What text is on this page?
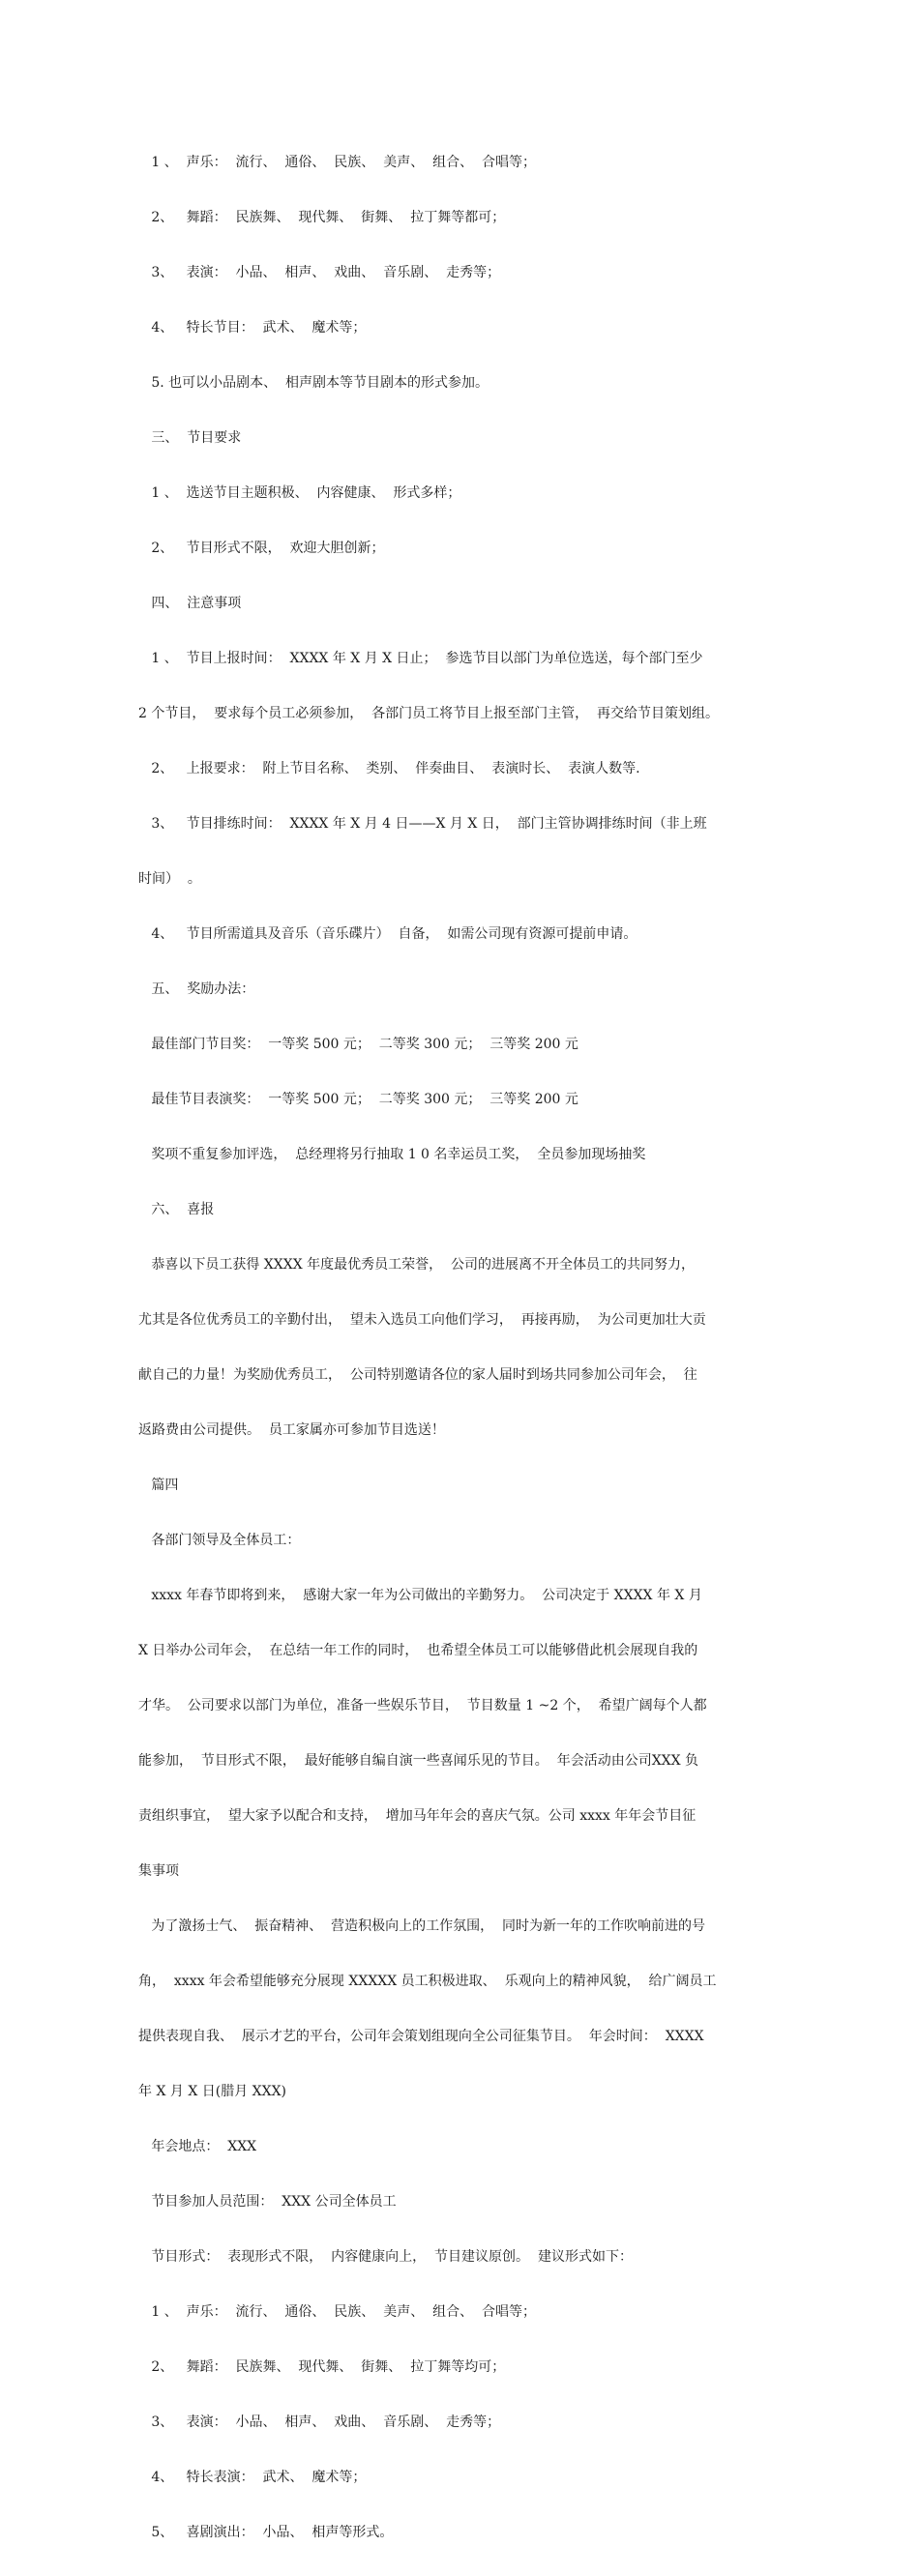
1 、  声乐：  流行、  通俗、  民族、  美声、  组合、  合唱等；

2、   舞蹈：  民族舞、  现代舞、  街舞、  拉丁舞等都可；

3、   表演：  小品、  相声、  戏曲、  音乐剧、  走秀等；

4、   特长节目：  武术、  魔术等；

5. 也可以小品剧本、  相声剧本等节目剧本的形式参加。

三、  节目要求

1 、  选送节目主题积极、  内容健康、  形式多样；

2、   节目形式不限，  欢迎大胆创新；

四、  注意事项

1 、  节目上报时间：  XXXX 年 X 月 X 日止；  参选节目以部门为单位选送，每个部门至少

2 个节目，  要求每个员工必须参加，  各部门员工将节目上报至部门主管，  再交给节目策划组。

2、   上报要求：  附上节目名称、  类别、  伴奏曲目、  表演时长、  表演人数等.

3、   节目排练时间：  XXXX 年 X 月 4 日——X 月 X 日，  部门主管协调排练时间（非上班

时间）  。

4、   节目所需道具及音乐（音乐碟片）  自备，  如需公司现有资源可提前申请。

五、  奖励办法：

最佳部门节目奖：  一等奖 500 元；  二等奖 300 元；  三等奖 200 元

最佳节目表演奖：  一等奖 500 元；  二等奖 300 元；  三等奖 200 元

奖项不重复参加评选，  总经理将另行抽取 1 0 名幸运员工奖，  全员参加现场抽奖

六、  喜报

恭喜以下员工获得 XXXX 年度最优秀员工荣誉，  公司的进展离不开全体员工的共同努力，

尤其是各位优秀员工的辛勤付出，  望未入选员工向他们学习，  再接再励，  为公司更加壮大贡

献自己的力量！为奖励优秀员工，  公司特别邀请各位的家人届时到场共同参加公司年会，  往

返路费由公司提供。  员工家属亦可参加节目选送！

篇四

各部门领导及全体员工：

xxxx 年春节即将到来，  感谢大家一年为公司做出的辛勤努力。  公司决定于 XXXX 年 X 月

X 日举办公司年会，  在总结一年工作的同时，  也希望全体员工可以能够借此机会展现自我的

才华。  公司要求以部门为单位，准备一些娱乐节目，  节目数量 1 ~2 个，  希望广阔每个人都

能参加，  节目形式不限，  最好能够自编自演一些喜闻乐见的节目。  年会活动由公司XXX 负

责组织事宜，  望大家予以配合和支持，  增加马年年会的喜庆气氛。公司 xxxx 年年会节目征

集事项

为了激扬士气、  振奋精神、  营造积极向上的工作氛围，  同时为新一年的工作吹响前进的号

角，  xxxx 年会希望能够充分展现 XXXXX 员工积极进取、  乐观向上的精神风貌，  给广阔员工

提供表现自我、  展示才艺的平台，公司年会策划组现向全公司征集节目。  年会时间：  XXXX

年 X 月 X 日(腊月 XXX)

年会地点：  XXX

节目参加人员范围：  XXX 公司全体员工

节目形式：  表现形式不限，  内容健康向上，  节目建议原创。  建议形式如下：

1 、  声乐：  流行、  通俗、  民族、  美声、  组合、  合唱等；

2、   舞蹈：  民族舞、  现代舞、  街舞、  拉丁舞等均可；

3、   表演：  小品、  相声、  戏曲、  音乐剧、  走秀等；

4、   特长表演：  武术、  魔术等；

5、   喜剧演出：  小品、  相声等形式。
